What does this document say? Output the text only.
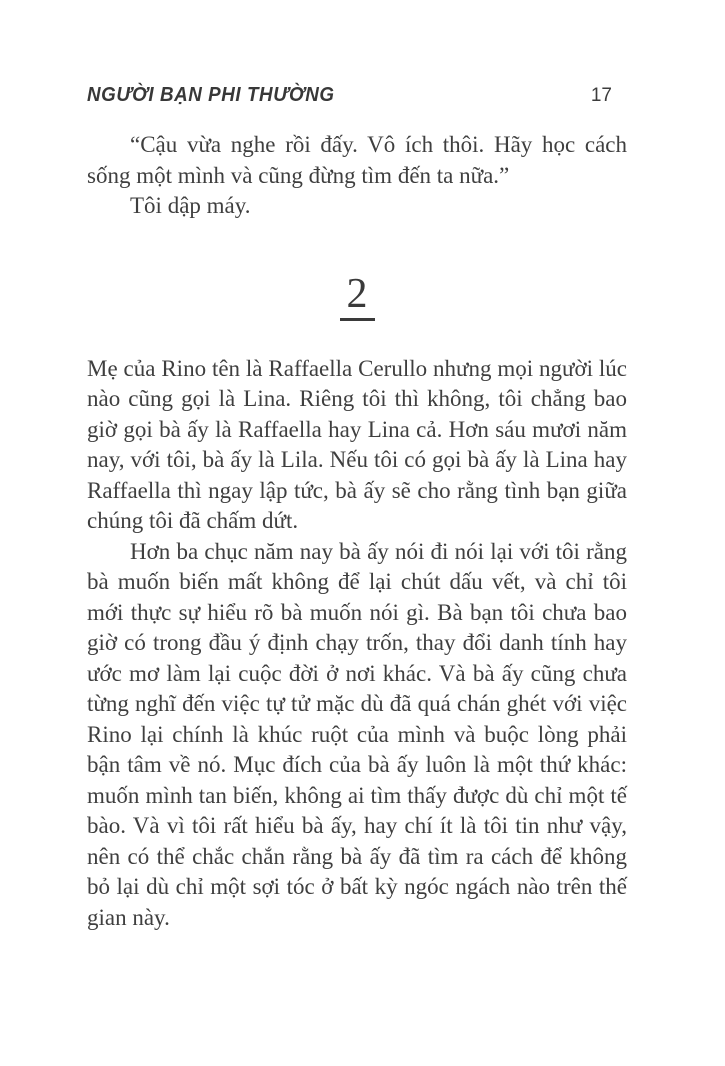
NGƯỜI BẠN PHI THƯỜNG	17

“Cậu vừa nghe rồi đấy. Vô ích thôi. Hãy học cách sống một mình và cũng đừng tìm đến ta nữa.”

Tôi dập máy.

2

Mẹ của Rino tên là Raffaella Cerullo nhưng mọi người lúc nào cũng gọi là Lina. Riêng tôi thì không, tôi chẳng bao giờ gọi bà ấy là Raffaella hay Lina cả. Hơn sáu mươi năm nay, với tôi, bà ấy là Lila. Nếu tôi có gọi bà ấy là Lina hay Raffaella thì ngay lập tức, bà ấy sẽ cho rằng tình bạn giữa chúng tôi đã chấm dứt.

Hơn ba chục năm nay bà ấy nói đi nói lại với tôi rằng bà muốn biến mất không để lại chút dấu vết, và chỉ tôi mới thực sự hiểu rõ bà muốn nói gì. Bà bạn tôi chưa bao giờ có trong đầu ý định chạy trốn, thay đổi danh tính hay ước mơ làm lại cuộc đời ở nơi khác. Và bà ấy cũng chưa từng nghĩ đến việc tự tử mặc dù đã quá chán ghét với việc Rino lại chính là khúc ruột của mình và buộc lòng phải bận tâm về nó. Mục đích của bà ấy luôn là một thứ khác: muốn mình tan biến, không ai tìm thấy được dù chỉ một tế bào. Và vì tôi rất hiểu bà ấy, hay chí ít là tôi tin như vậy, nên có thể chắc chắn rằng bà ấy đã tìm ra cách để không bỏ lại dù chỉ một sợi tóc ở bất kỳ ngóc ngách nào trên thế gian này.
